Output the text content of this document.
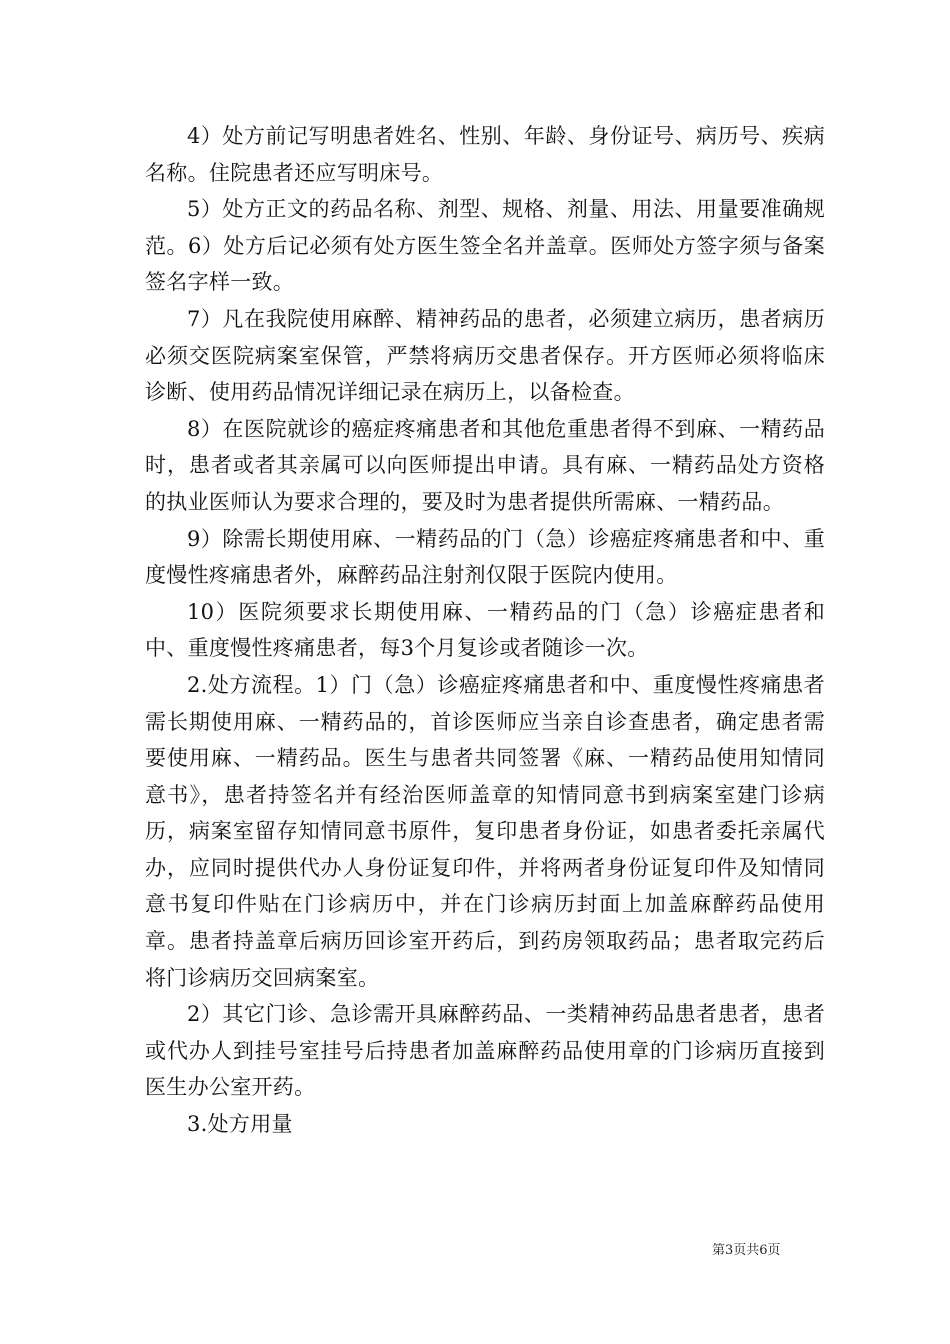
4）处方前记写明患者姓名、性别、年龄、身份证号、病历号、疾病名称。住院患者还应写明床号。

5）处方正文的药品名称、剂型、规格、剂量、用法、用量要准确规范。6）处方后记必须有处方医生签全名并盖章。医师处方签字须与备案签名字样一致。

7）凡在我院使用麻醉、精神药品的患者，必须建立病历，患者病历必须交医院病案室保管，严禁将病历交患者保存。开方医师必须将临床诊断、使用药品情况详细记录在病历上，以备检查。

8）在医院就诊的癌症疼痛患者和其他危重患者得不到麻、一精药品时，患者或者其亲属可以向医师提出申请。具有麻、一精药品处方资格的执业医师认为要求合理的，要及时为患者提供所需麻、一精药品。

9）除需长期使用麻、一精药品的门（急）诊癌症疼痛患者和中、重度慢性疼痛患者外，麻醉药品注射剂仅限于医院内使用。

10）医院须要求长期使用麻、一精药品的门（急）诊癌症患者和中、重度慢性疼痛患者，每3个月复诊或者随诊一次。

2.处方流程。1）门（急）诊癌症疼痛患者和中、重度慢性疼痛患者需长期使用麻、一精药品的，首诊医师应当亲自诊查患者，确定患者需要使用麻、一精药品。医生与患者共同签署《麻、一精药品使用知情同意书》，患者持签名并有经治医师盖章的知情同意书到病案室建门诊病历，病案室留存知情同意书原件，复印患者身份证，如患者委托亲属代办，应同时提供代办人身份证复印件，并将两者身份证复印件及知情同意书复印件贴在门诊病历中，并在门诊病历封面上加盖麻醉药品使用章。患者持盖章后病历回诊室开药后，到药房领取药品；患者取完药后将门诊病历交回病案室。

2）其它门诊、急诊需开具麻醉药品、一类精神药品患者患者，患者或代办人到挂号室挂号后持患者加盖麻醉药品使用章的门诊病历直接到医生办公室开药。

3.处方用量

第3页共6页
